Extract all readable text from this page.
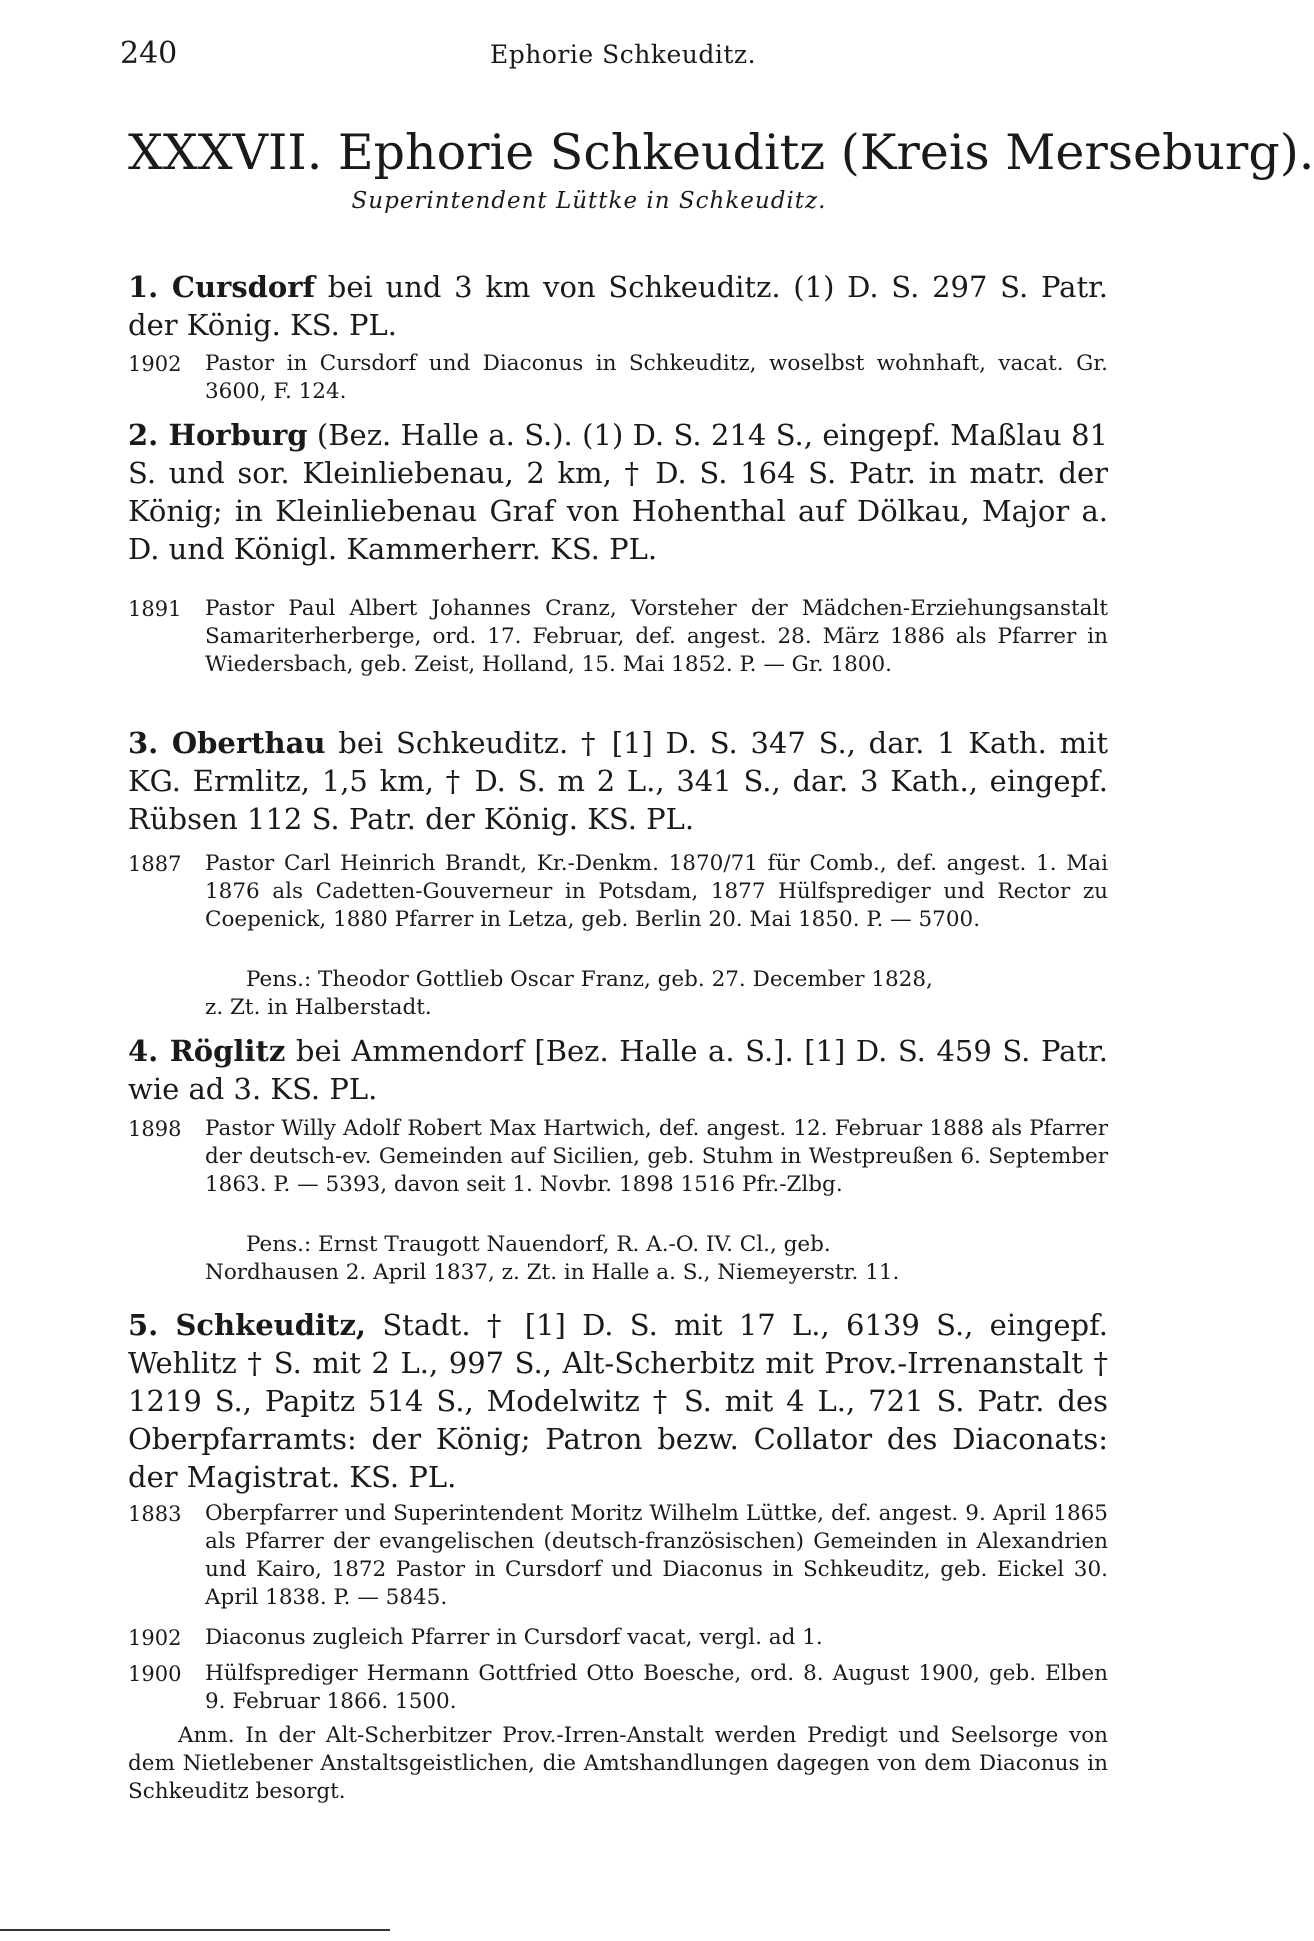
240	Ephorie Schkeuditz.
XXXVII. Ephorie Schkeuditz (Kreis Merseburg).
Superintendent Lüttke in Schkeuditz.
1. Cursdorf bei und 3 km von Schkeuditz. (1) D. S. 297 S. Patr. der König. KS. PL.
1902	Pastor in Cursdorf und Diaconus in Schkeuditz, woselbst wohnhaft, vacat. Gr. 3600, F. 124.
2. Horburg (Bez. Halle a. S.). (1) D. S. 214 S., eingepf. Maßlau 81 S. und sor. Kleinliebenau, 2 km, † D. S. 164 S. Patr. in matr. der König; in Kleinliebenau Graf von Hohenthal auf Dölkau, Major a. D. und Königl. Kammerherr. KS. PL.
1891	Pastor Paul Albert Johannes Cranz, Vorsteher der Mädchen-Erziehungsanstalt Samariterherberge, ord. 17. Februar, def. angest. 28. März 1886 als Pfarrer in Wiedersbach, geb. Zeist, Holland, 15. Mai 1852. P. — Gr. 1800.
3. Oberthau bei Schkeuditz. † [1] D. S. 347 S., dar. 1 Kath. mit KG. Ermlitz, 1,5 km, † D. S. m 2 L., 341 S., dar. 3 Kath., eingepf. Rübsen 112 S. Patr. der König. KS. PL.
1887	Pastor Carl Heinrich Brandt, Kr.-Denkm. 1870/71 für Comb., def. angest. 1. Mai 1876 als Cadetten-Gouverneur in Potsdam, 1877 Hülfsprediger und Rector zu Coepenick, 1880 Pfarrer in Letza, geb. Berlin 20. Mai 1850. P. — 5700.
Pens.: Theodor Gottlieb Oscar Franz, geb. 27. December 1828,
z. Zt. in Halberstadt.
4. Röglitz bei Ammendorf [Bez. Halle a. S.]. [1] D. S. 459 S. Patr. wie ad 3. KS. PL.
1898	Pastor Willy Adolf Robert Max Hartwich, def. angest. 12. Februar 1888 als Pfarrer der deutsch-ev. Gemeinden auf Sicilien, geb. Stuhm in Westpreußen 6. September 1863. P. — 5393, davon seit 1. Novbr. 1898 1516 Pfr.-Zlbg.
Pens.: Ernst Traugott Nauendorf, R. A.-O. IV. Cl., geb.
Nordhausen 2. April 1837, z. Zt. in Halle a. S., Niemeyerstr. 11.
5. Schkeuditz, Stadt. † [1] D. S. mit 17 L., 6139 S., eingepf. Wehlitz † S. mit 2 L., 997 S., Alt-Scherbitz mit Prov.-Irrenanstalt † 1219 S., Papitz 514 S., Modelwitz † S. mit 4 L., 721 S. Patr. des Oberpfarramts: der König; Patron bezw. Collator des Diaconats: der Magistrat. KS. PL.
1883	Oberpfarrer und Superintendent Moritz Wilhelm Lüttke, def. angest. 9. April 1865 als Pfarrer der evangelischen (deutsch-französischen) Gemeinden in Alexandrien und Kairo, 1872 Pastor in Cursdorf und Diaconus in Schkeuditz, geb. Eickel 30. April 1838. P. — 5845.
1902	Diaconus zugleich Pfarrer in Cursdorf vacat, vergl. ad 1.
1900	Hülfsprediger Hermann Gottfried Otto Boesche, ord. 8. August 1900, geb. Elben 9. Februar 1866. 1500.
Anm. In der Alt-Scherbitzer Prov.-Irren-Anstalt werden Predigt und Seelsorge von dem Nietlebener Anstaltsgeistlichen, die Amtshandlungen dagegen von dem Diaconus in Schkeuditz besorgt.
